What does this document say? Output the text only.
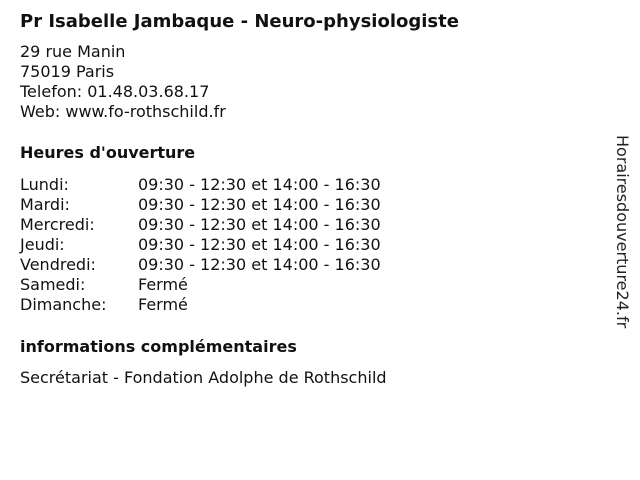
Pr Isabelle Jambaque - Neuro-physiologiste
29 rue Manin
75019 Paris
Telefon: 01.48.03.68.17
Web: www.fo-rothschild.fr
Heures d'ouverture
Lundi:	09:30 - 12:30 et 14:00 - 16:30
Mardi:	09:30 - 12:30 et 14:00 - 16:30
Mercredi:	09:30 - 12:30 et 14:00 - 16:30
Jeudi:	09:30 - 12:30 et 14:00 - 16:30
Vendredi:	09:30 - 12:30 et 14:00 - 16:30
Samedi:	Fermé
Dimanche:	Fermé
informations complémentaires
Secrétariat - Fondation Adolphe de Rothschild
Horairesdouverture24.fr
